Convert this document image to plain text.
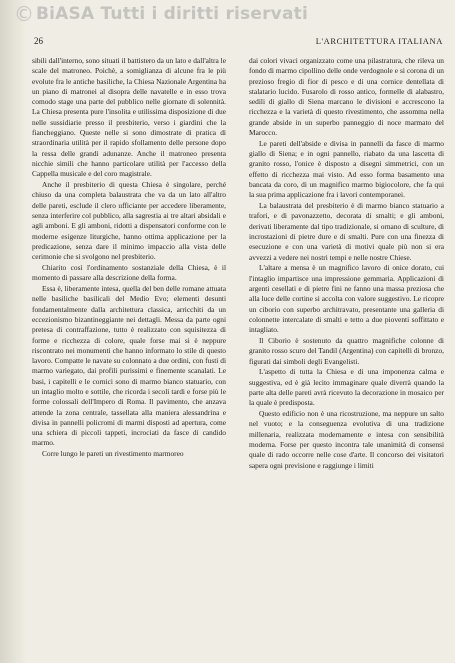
26	L'ARCHITETTURA ITALIANA

sibili dall'interno, sono situati il battistero da un lato e dall'altra le scale del matroneo. Poichè, a somiglianza di alcune fra le più evolute fra le antiche basiliche, la Chiesa Nazionale Argentina ha un piano di matronei al disopra delle navatelle e in esso trova comodo stage una parte del pubblico nelle giornate di solennità. La Chiesa presenta pure l'insolita e utilissima disposizione di due nelle sussidiarie presso il presbiterio, verso i giardini che la fiancheggiano. Queste nelle si sono dimostrate di pratica di straordinaria utilità per il rapido sfollamento delle persone dopo la ressa delle grandi adunanze. Anche il matroneo presenta nicchie simili che hanno particolare utilità per l'accesso della Cappella musicale e del coro magistrale.

Anche il presbiterio di questa Chiesa è singolare, perché chiuso da una completa balaustrata che va da un lato all'altro delle pareti, esclude il clero ufficiante per accedere liberamente, senza interferire col pubblico, alla sagrestia ai tre altari absidali e agli amboni. E gli amboni, ridotti a dispensatori conforme con le moderne esigenze liturgiche, hanno ottima applicazione per la predicazione, senza dare il minimo impaccio alla vista delle cerimonie che si svolgono nel presbiterio.

Chiarito così l'ordinamento sostanziale della Chiesa, è il momento di passare alla descrizione della forma.

Essa è, liberamente intesa, quella del ben delle romane attuata nelle basiliche basilicali del Medio Evo; elementi desunti fondamentalmente dalla architettura classica, arricchiti da un eccezionismo bizantineggiante nei dettagli. Messa da parte ogni pretesa di contraffazione, tutto è realizzato con squisitezza di forme e ricchezza di colore, quale forse mai si è neppure riscontrato nei monumenti che hanno informato lo stile di questo lavoro. Compatte le navate su colonnato a due ordini, con fusti di marmo variegato, dai profili purissimi e finemente scanalati. Le basi, i capitelli e le cornici sono di marmo bianco statuario, con un intaglio molto e sottile, che ricorda i secoli tardi e forse più le forme colossali dell'Impero di Roma. Il pavimento, che anzava attende la zona centrale, tassellata alla maniera alessandrina e divisa in pannelli policromi di marmi disposti ad apertura, come una schiera di piccoli tappeti, incrociati da fasce di candido marmo.

Corre lungo le pareti un rivestimento marmoreo

dai colori vivaci organizzato come una pilastratura, che rileva un fondo di marmo cipollino delle onde verdognole e si corona di un prezioso fregio di fior di pesco e di una cornice dentellata di stalatario lucido. Fusarolo di rosso antico, formelle di alabastro, sedili di giallo di Siena marcano le divisioni e accrescono la ricchezza e la varietà di questo rivestimento, che assomma nella grande abside in un superbo panneggio di noce marmato del Marocco.

Le pareti dell'abside e divisa in pannelli da fasce di marmo giallo di Siena; e in ogni pannello, riabato da una lascetta di granito rosso, l'onice è disposto a disegni simmetrici, con un effetto di ricchezza mai visto. Ad esso forma basamento una bancata da coro, di un magnifico marmo bigiocolore, che fa qui la sua prima applicazione fra i lavori contemporanei.

La balaustrata del presbiterio è di marmo bianco statuario a trafori, e di pavonazzetto, decorata di smalti; e gli amboni, derivati liberamente dal tipo tradizionale, si ornano di sculture, di incrostazioni di pietre dure e di smalti. Pure con una finezza di esecuzione e con una varietà di motivi quale più non si era avvezzi a vedere nei nostri tempi e nelle nostre Chiese.

L'altare a mensa è un magnifico lavoro di onice dorato, cui l'intaglio impartisce una impressione gemmaria. Applicazioni di argenti cesellati e di pietre fini ne fanno una massa preziosa che alla luce delle cortine si accolta con valore suggestivo. Le ricopre un ciborio con superbo architravato, presentante una galleria di colonnette intercalate di smalti e tetto a due pioventi soffittato e intagliato.

Il Ciborio è sostenuto da quattro magnifiche colonne di granito rosso scuro del Tandil (Argentina) con capitelli di bronzo, figurati dai simboli degli Evangelisti.

L'aspetto di tutta la Chiesa e di una imponenza calma e suggestiva, ed è già lecito immaginare quale diverrà quando la parte alta delle pareti avrà ricevuto la decorazione in mosaico per la quale è predisposta.

Questo edificio non è una ricostruzione, ma neppure un salto nel vuoto; e la conseguenza evolutiva di una tradizione millenaria, realizzata modernamente e intesa con sensibilità moderna. Forse per questo incontra tale unanimità di consensi quale di rado occorre nelle cose d'arte. Il concorso dei visitatori sapera ogni previsione e raggiunge i limiti

© BiASA Tutti i diritti riservati
